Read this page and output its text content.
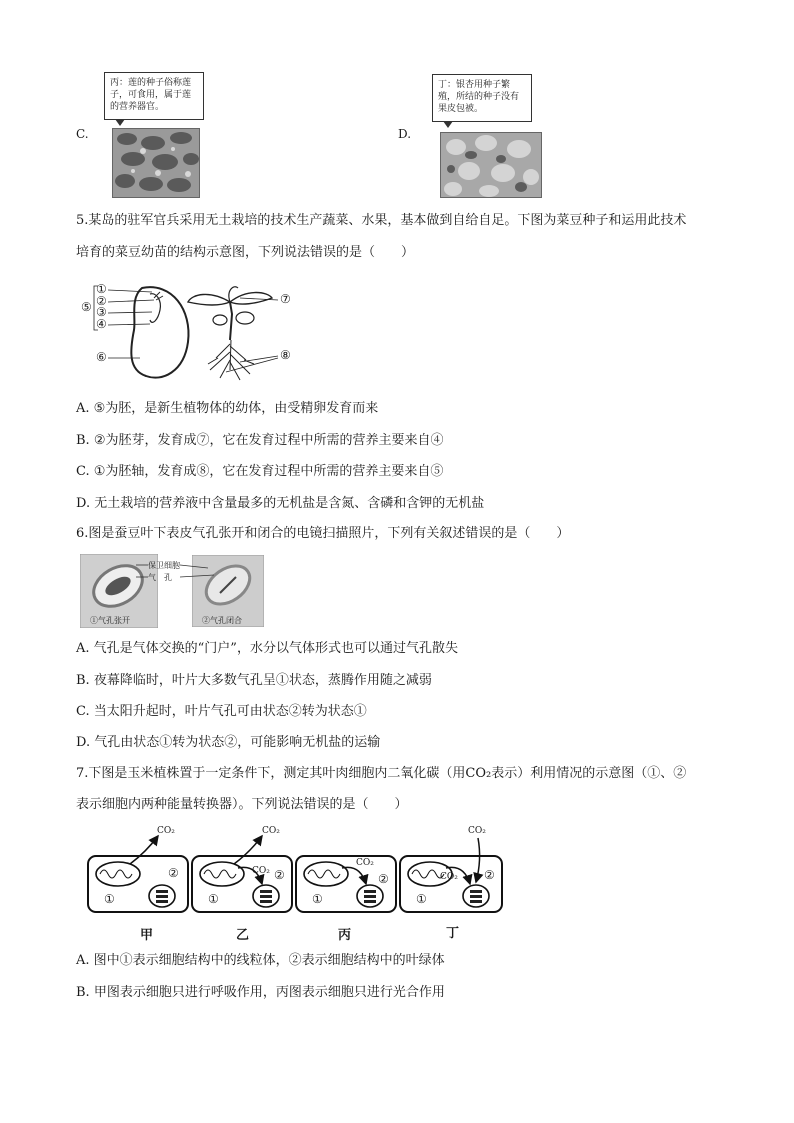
C.
丙：莲的种子俗称莲子，可食用，属于莲的营养器官。
D.
丁：银杏用种子繁殖，所结的种子没有果皮包被。
5.某岛的驻军官兵采用无土栽培的技术生产蔬菜、水果，基本做到自给自足。下图为菜豆种子和运用此技术
培育的菜豆幼苗的结构示意图，下列说法错误的是（　　）
①
②
③
④
⑤
⑥
⑦
⑧
A. ⑤为胚，是新生植物体的幼体，由受精卵发育而来
B. ②为胚芽，发育成⑦，它在发育过程中所需的营养主要来自④
C. ①为胚轴，发育成⑧，它在发育过程中所需的营养主要来自⑤
D. 无土栽培的营养液中含量最多的无机盐是含氮、含磷和含钾的无机盐
6.图是蚕豆叶下表皮气孔张开和闭合的电镜扫描照片，下列有关叙述错误的是（　　）
保卫细胞
气　孔
①气孔张开	②气孔闭合
A. 气孔是气体交换的“门户”，水分以气体形式也可以通过气孔散失
B. 夜幕降临时，叶片大多数气孔呈①状态，蒸腾作用随之减弱
C. 当太阳升起时，叶片气孔可由状态②转为状态①
D. 气孔由状态①转为状态②，可能影响无机盐的运输
7.下图是玉米植株置于一定条件下，测定其叶肉细胞内二氧化碳（用CO₂表示）利用情况的示意图（①、②
表示细胞内两种能量转换器）。下列说法错误的是（　　）
CO₂	CO₂
CO₂
CO₂
CO₂
CO₂
①
②
①
②
①
②
①
②
甲	乙	丙	丁
A. 图中①表示细胞结构中的线粒体，②表示细胞结构中的叶绿体
B. 甲图表示细胞只进行呼吸作用，丙图表示细胞只进行光合作用
